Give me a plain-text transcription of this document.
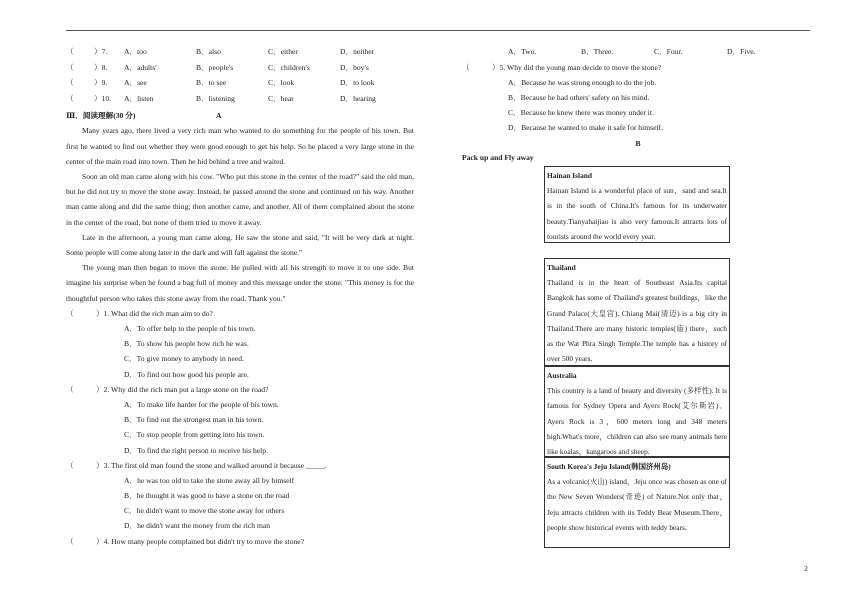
（	）7.	A．too	B．also	C．either	D．neither
（	）8.	A．adults'	B．people's	C．children's	D．boy's
（	）9.	A．see	B．to see	C．look	D．to look
（	）10.	A．listen	B．listening	C．hear	D．hearing
Ⅲ．阅读理解(30 分)	A
Many years ago, there lived a very rich man who wanted to do something for the people of his town. But first he wanted to find out whether they were good enough to get his help. So he placed a very large stone in the center of the main road into town. Then he hid behind a tree and waited.
Soon an old man came along with his cow. "Who put this stone in the center of the road?" said the old man, but he did not try to move the stone away. Instead, he passed around the stone and continued on his way. Another man came along and did the same thing; then another came, and another. All of them complained about the stone in the center of the road, but none of them tried to move it away.
Late in the afternoon, a young man came along. He saw the stone and said, "It will be very dark at night. Some people will come along later in the dark and will fall against the stone."
The young man then began to move the stone. He pulled with all his strength to move it to one side. But imagine his surprise when he found a bag full of money and this message under the stone: "This money is for the thoughtful person who takes this stone away from the road. Thank you."
（	）1. What did the rich man aim to do?
A．To offer help to the people of his town.
B．To show his people how rich he was.
C．To give money to anybody in need.
D．To find out how good his people are.
（	）2. Why did the rich man put a large stone on the road?
A．To make life harder for the people of his town.
B．To find out the strongest man in his town.
C．To stop people from getting into his town.
D．To find the right person to receive his help.
（	）3. The first old man found the stone and walked around it because _____.
A．he was too old to take the stone away all by himself
B．he thought it was good to have a stone on the road
C．he didn't want to move the stone away for others
D．he didn't want the money from the rich man
（	）4. How many people complained but didn't try to move the stone?
A．Two.	B．Three.	C．Four.	D．Five.
（	）5. Why did the young man decide to move the stone?
A．Because he was strong enough to do the job.
B．Because he had others' safety on his mind.
C．Because he knew there was money under it.
D．Because he wanted to make it safe for himself.
B
Pack up and Fly away
Hainan Island
Hainan Island is a wonderful place of sun，sand and sea.It is in the south of China.It's famous for its underwater beauty.Tianyahaijiao is also very famous.It attracts lots of tourists around the world every year.
Thailand
Thailand is in the heart of Southeast Asia.Its capital Bangkok has some of Thailand's greatest buildings，like the Grand Palace(大皇宫). Chiang Mai(清迈) is a big city in Thailand.There are many historic temples(庙) there，such as the Wat Phra Singh Temple.The temple has a history of over 500 years.
Australia
This country is a land of beauty and diversity (多样性). It is famous for Sydney Opera and Ayers Rock(艾尔斯岩)．Ayers Rock is 3，600 meters long and 348 meters high.What's more，children can also see many animals here like koalas，kangaroos and sheep.
South Korea's Jeju Island(韩国济州岛)
As a volcanic(火山) island，Jeju once was chosen as one of the New Seven Wonders(奇迹) of Nature.Not only that，Jeju attracts children with its Teddy Bear Museum.There，people show historical events with teddy bears.
2
